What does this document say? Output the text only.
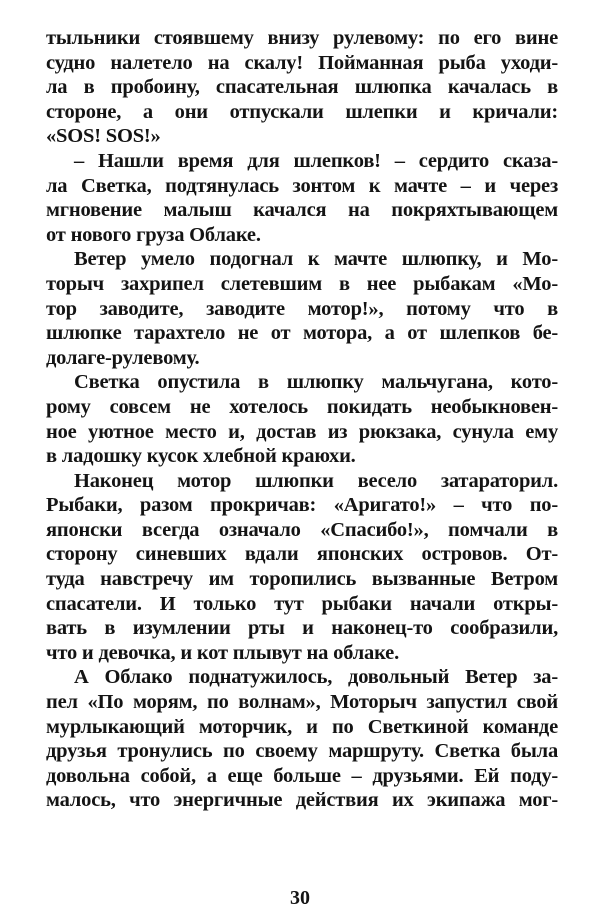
тыльники стоявшему внизу рулевому: по его вине
судно налетело на скалу! Пойманная рыба уходи-
ла в пробоину, спасательная шлюпка качалась в
стороне, а они отпускали шлепки и кричали:
«SOS! SOS!»
– Нашли время для шлепков! – сердито сказа-
ла Светка, подтянулась зонтом к мачте – и через
мгновение малыш качался на покряхтывающем
от нового груза Облаке.
Ветер умело подогнал к мачте шлюпку, и Мо-
торыч захрипел слетевшим в нее рыбакам «Мо-
тор заводите, заводите мотор!», потому что в
шлюпке тарахтело не от мотора, а от шлепков бе-
долаге-рулевому.
Светка опустила в шлюпку мальчугана, кото-
рому совсем не хотелось покидать необыкновен-
ное уютное место и, достав из рюкзака, сунула ему
в ладошку кусок хлебной краюхи.
Наконец мотор шлюпки весело затараторил.
Рыбаки, разом прокричав: «Аригато!» – что по-
японски всегда означало «Спасибо!», помчали в
сторону синевших вдали японских островов. От-
туда навстречу им торопились вызванные Ветром
спасатели. И только тут рыбаки начали откры-
вать в изумлении рты и наконец-то сообразили,
что и девочка, и кот плывут на облаке.
А Облако поднатужилось, довольный Ветер за-
пел «По морям, по волнам», Моторыч запустил свой
мурлыкающий моторчик, и по Светкиной команде
друзья тронулись по своему маршруту. Светка была
довольна собой, а еще больше – друзьями. Ей поду-
малось, что энергичные действия их экипажа мог-
30
